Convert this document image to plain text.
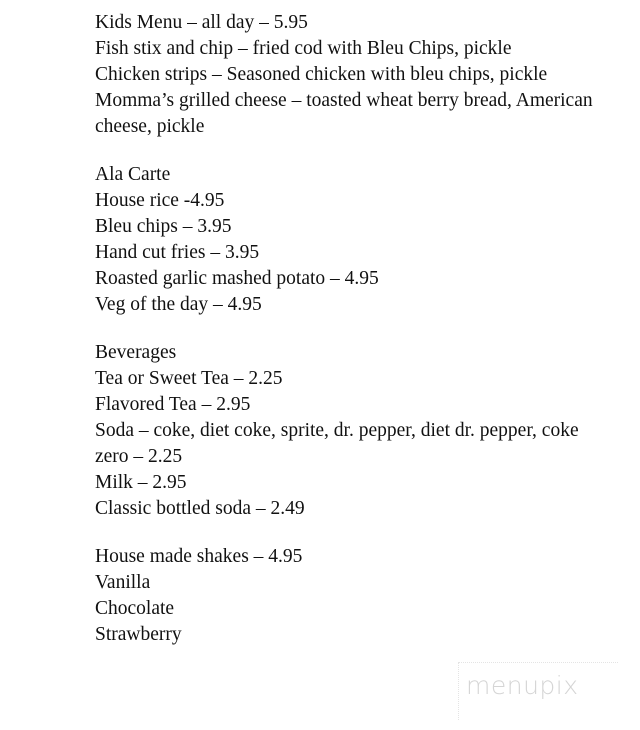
Kids Menu – all day – 5.95
Fish stix and chip – fried cod with Bleu Chips, pickle
Chicken strips – Seasoned chicken with bleu chips, pickle
Momma’s grilled cheese – toasted wheat berry bread, American cheese, pickle
Ala Carte
House rice -4.95
Bleu chips – 3.95
Hand cut fries – 3.95
Roasted garlic mashed potato – 4.95
Veg of the day – 4.95
Beverages
Tea or Sweet Tea – 2.25
Flavored Tea – 2.95
Soda – coke, diet coke, sprite, dr. pepper, diet dr. pepper, coke zero – 2.25
Milk – 2.95
Classic bottled soda – 2.49
House made shakes – 4.95
Vanilla
Chocolate
Strawberry
menupix
